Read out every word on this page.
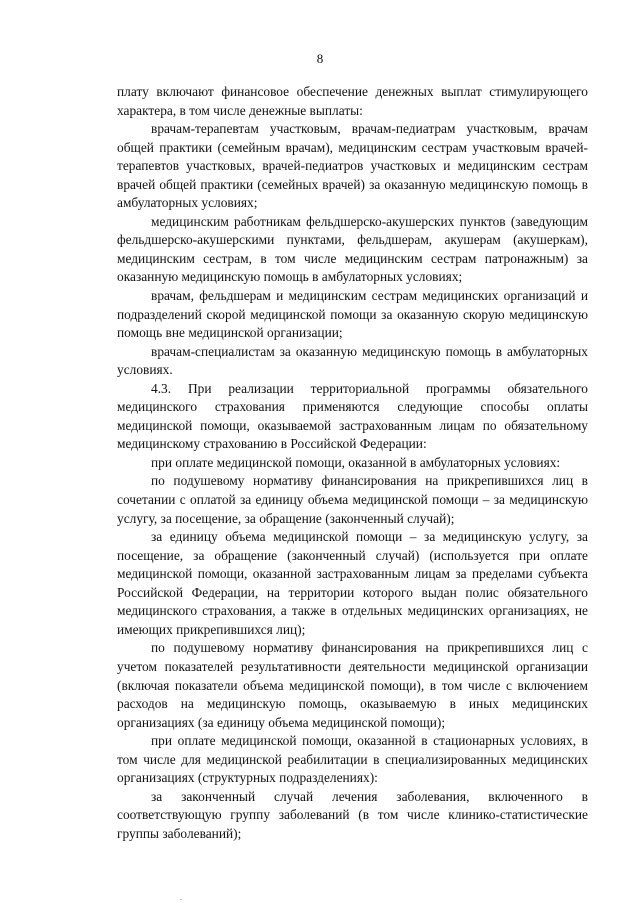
8

плату включают финансовое обеспечение денежных выплат стимулирующего характера, в том числе денежные выплаты:

врачам-терапевтам участковым, врачам-педиатрам участковым, врачам общей практики (семейным врачам), медицинским сестрам участковым врачей-терапевтов участковых, врачей-педиатров участковых и медицинским сестрам врачей общей практики (семейных врачей) за оказанную медицинскую помощь в амбулаторных условиях;

медицинским работникам фельдшерско-акушерских пунктов (заведующим фельдшерско-акушерскими пунктами, фельдшерам, акушерам (акушеркам), медицинским сестрам, в том числе медицинским сестрам патронажным) за оказанную медицинскую помощь в амбулаторных условиях;

врачам, фельдшерам и медицинским сестрам медицинских организаций и подразделений скорой медицинской помощи за оказанную скорую медицинскую помощь вне медицинской организации;

врачам-специалистам за оказанную медицинскую помощь в амбулаторных условиях.

4.3. При реализации территориальной программы обязательного медицинского страхования применяются следующие способы оплаты медицинской помощи, оказываемой застрахованным лицам по обязательному медицинскому страхованию в Российской Федерации:

при оплате медицинской помощи, оказанной в амбулаторных условиях:

по подушевому нормативу финансирования на прикрепившихся лиц в сочетании с оплатой за единицу объема медицинской помощи – за медицинскую услугу, за посещение, за обращение (законченный случай);

за единицу объема медицинской помощи – за медицинскую услугу, за посещение, за обращение (законченный случай) (используется при оплате медицинской помощи, оказанной застрахованным лицам за пределами субъекта Российской Федерации, на территории которого выдан полис обязательного медицинского страхования, а также в отдельных медицинских организациях, не имеющих прикрепившихся лиц);

по подушевому нормативу финансирования на прикрепившихся лиц с учетом показателей результативности деятельности медицинской организации (включая показатели объема медицинской помощи), в том числе с включением расходов на медицинскую помощь, оказываемую в иных медицинских организациях (за единицу объема медицинской помощи);

при оплате медицинской помощи, оказанной в стационарных условиях, в том числе для медицинской реабилитации в специализированных медицинских организациях (структурных подразделениях):

за законченный случай лечения заболевания, включенного в соответствующую группу заболеваний (в том числе клинико-статистические группы заболеваний);
